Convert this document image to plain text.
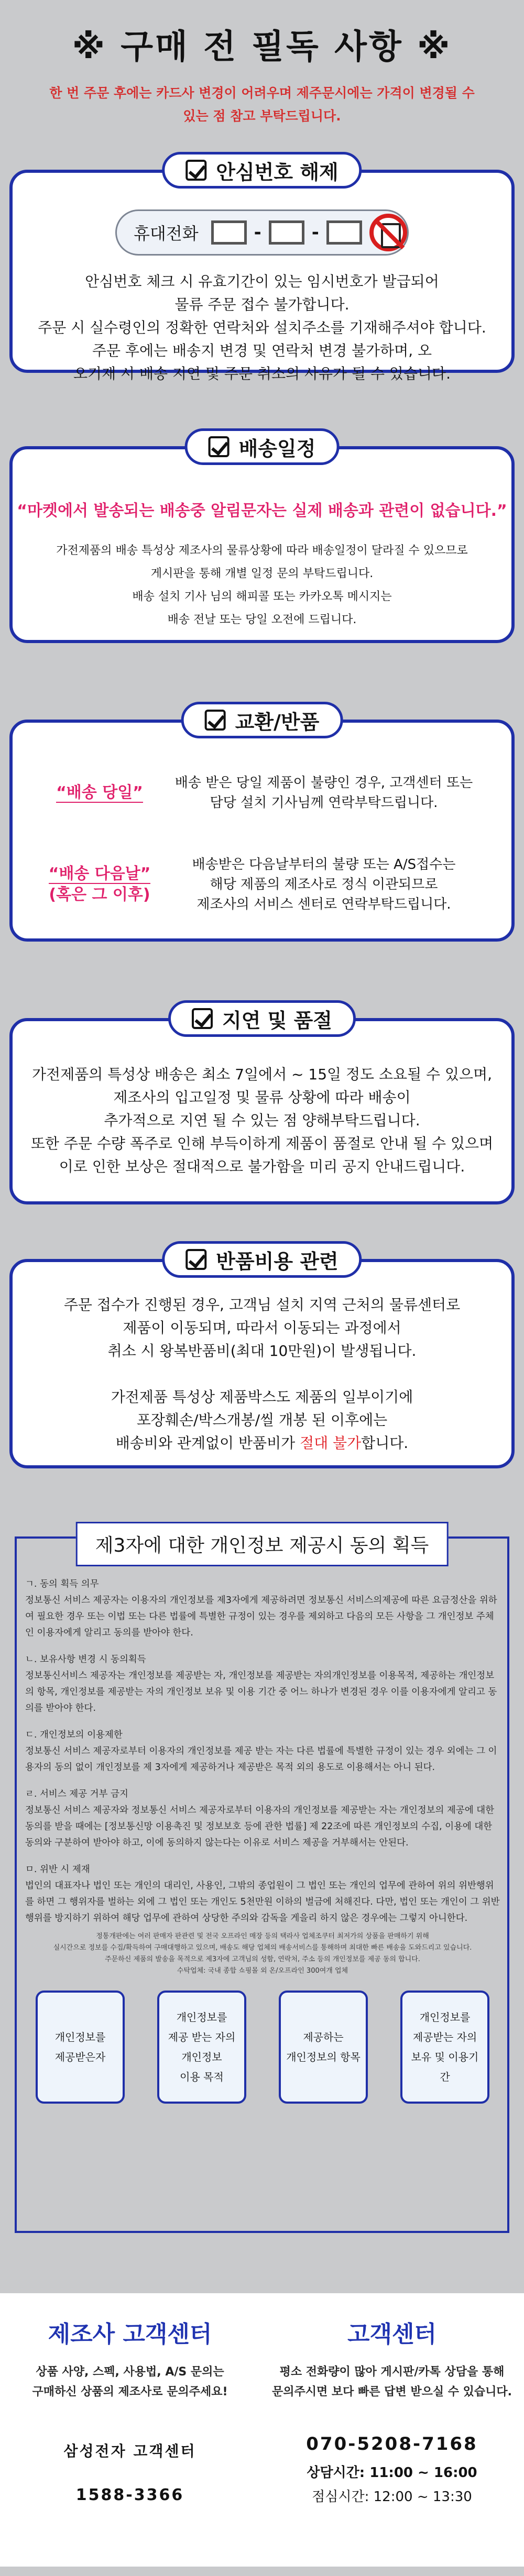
※ 구매 전 필독 사항 ※
한 번 주문 후에는 카드사 변경이 어려우며 제주문시에는 가격이 변경될 수
있는 점 참고 부탁드립니다.
안심번호 해제
휴대전화	-	-
안심번호 체크 시 유효기간이 있는 임시번호가 발급되어
물류 주문 접수 불가합니다.
주문 시 실수령인의 정확한 연락처와 설치주소를 기재해주셔야 합니다.
주문 후에는 배송지 변경 및 연락처 변경 불가하며, 오
오기재 시 배송 지연 및 주문 취소의 사유가 될 수 있습니다.
배송일정
“마켓에서 발송되는 배송중 알림문자는 실제 배송과 관련이 없습니다.”
가전제품의 배송 특성상 제조사의 물류상황에 따라 배송일정이 달라질 수 있으므로
게시판을 통해 개별 일정 문의 부탁드립니다.
배송 설치 기사 님의 해피콜 또는 카카오톡 메시지는
배송 전날 또는 당일 오전에 드립니다.
교환/반품
“배송 당일”
배송 받은 당일 제품이 불량인 경우, 고객센터 또는
담당 설치 기사님께 연락부탁드립니다.
“배송 다음날”
(혹은 그 이후)
배송받은 다음날부터의 불량 또는 A/S접수는
해당 제품의 제조사로 정식 이관되므로
제조사의 서비스 센터로 연락부탁드립니다.
지연 및 품절
가전제품의 특성상 배송은 최소 7일에서 ~ 15일 정도 소요될 수 있으며,
제조사의 입고일정 및 물류 상황에 따라 배송이
추가적으로 지연 될 수 있는 점 양해부탁드립니다.
또한 주문 수량 폭주로 인해 부득이하게 제품이 품절로 안내 될 수 있으며
이로 인한 보상은 절대적으로 불가함을 미리 공지 안내드립니다.
반품비용 관련
주문 접수가 진행된 경우, 고객님 설치 지역 근처의 물류센터로
제품이 이동되며, 따라서 이동되는 과정에서
취소 시 왕복반품비(최대 10만원)이 발생됩니다.
가전제품 특성상 제품박스도 제품의 일부이기에
포장훼손/박스개봉/씰 개봉 된 이후에는
배송비와 관계없이 반품비가 절대 불가합니다.
제3자에 대한 개인정보 제공시 동의 획득
ㄱ. 동의 획득 의무

정보통신 서비스 제공자는 이용자의 개인정보를 제3자에게 제공하려면 정보통신 서비스의제공에 따른 요금정산을 위하여 필요한 경우 또는 이법 또는 다른 법률에 특별한 규정이 있는 경우를 제외하고 다음의 모든 사항을 그 개인정보 주체인 이용자에게 알리고 동의를 받아야 한다.

ㄴ. 보유사항 변경 시 동의획득

정보통신서비스 제공자는 개인정보를 제공받는 자, 개인정보를 제공받는 자의개인정보를 이용목적, 제공하는 개인정보의 항목, 개인정보를 제공받는 자의 개인정보 보유 및 이용 기간 중 어느 하나가 변경된 경우 이를 이용자에게 알리고 동의를 받아야 한다.

ㄷ. 개인정보의 이용제한

정보통신 서비스 제공자로부터 이용자의 개인정보를 제공 받는 자는 다른 법률에 특별한 규정이 있는 경우 외에는 그 이용자의 동의 없이 개인정보를 제 3자에게 제공하거나 제공받은 목적 외의 용도로 이용해서는 아니 된다.

ㄹ. 서비스 제공 거부 금지

정보통신 서비스 제공자와 정보통신 서비스 제공자로부터 이용자의 개인정보를 제공받는 자는 개인정보의 제공에 대한 동의를 받을 때에는 [정보통신망 이용촉진 및 정보보호 등에 관한 법률] 제 22조에 따른 개인정보의 수집, 이용에 대한 동의와 구분하여 받아야 하고, 이에 동의하지 않는다는 이유로 서비스 제공을 거부해서는 안된다.

ㅁ. 위반 시 제재

법인의 대표자나 법인 또는 개인의 대리인, 사용인, 그밖의 종업원이 그 법인 또는 개인의 업무에 관하여 위의 위반행위를 하면 그 행위자를 벌하는 외에 그 법인 또는 개인도 5천만원 이하의 벌금에 처해진다. 다만, 법인 또는 개인이 그 위반행위를 방지하기 위하여 해당 업무에 관하여 상당한 주의와 감독을 게을리 하지 않은 경우에는 그렇지 아니한다.

정통개판에는 여러 판매자 판관련 및 전국 오프라인 매장 등의 택라사 업체조쿠터 최저가의 상품을 판매하기 위해
실시간으로 정보를 수집/확득하여 구매대행하고 있으며, 배송도 해당 업체의 배송서비스를 통해하며 최대한 빠른 배송을 도와드리고 있습니다.
주문하신 제품의 발송을 목적으로 제3자에 고객님의 성함, 연락처, 주소 등의 개인정보를 제공 동의 합니다.
수탁업체: 국내 종합 쇼핑몰 외 온/오프라인 300여개 업체
개인정보를
제공받은자
개인정보를
제공 받는 자의
개인정보
이용 목적
제공하는
개인정보의 항목
개인정보를
제공받는 자의
보유 및 이용기간
제조사 고객센터
상품 사양, 스펙, 사용법, A/S 문의는
구매하신 상품의 제조사로 문의주세요!
삼성전자 고객센터
1588-3366
고객센터
평소 전화량이 많아 게시판/카톡 상담을 통해
문의주시면 보다 빠른 답변 받으실 수 있습니다.
070-5208-7168
상담시간: 11:00 ~ 16:00
점심시간: 12:00 ~ 13:30
